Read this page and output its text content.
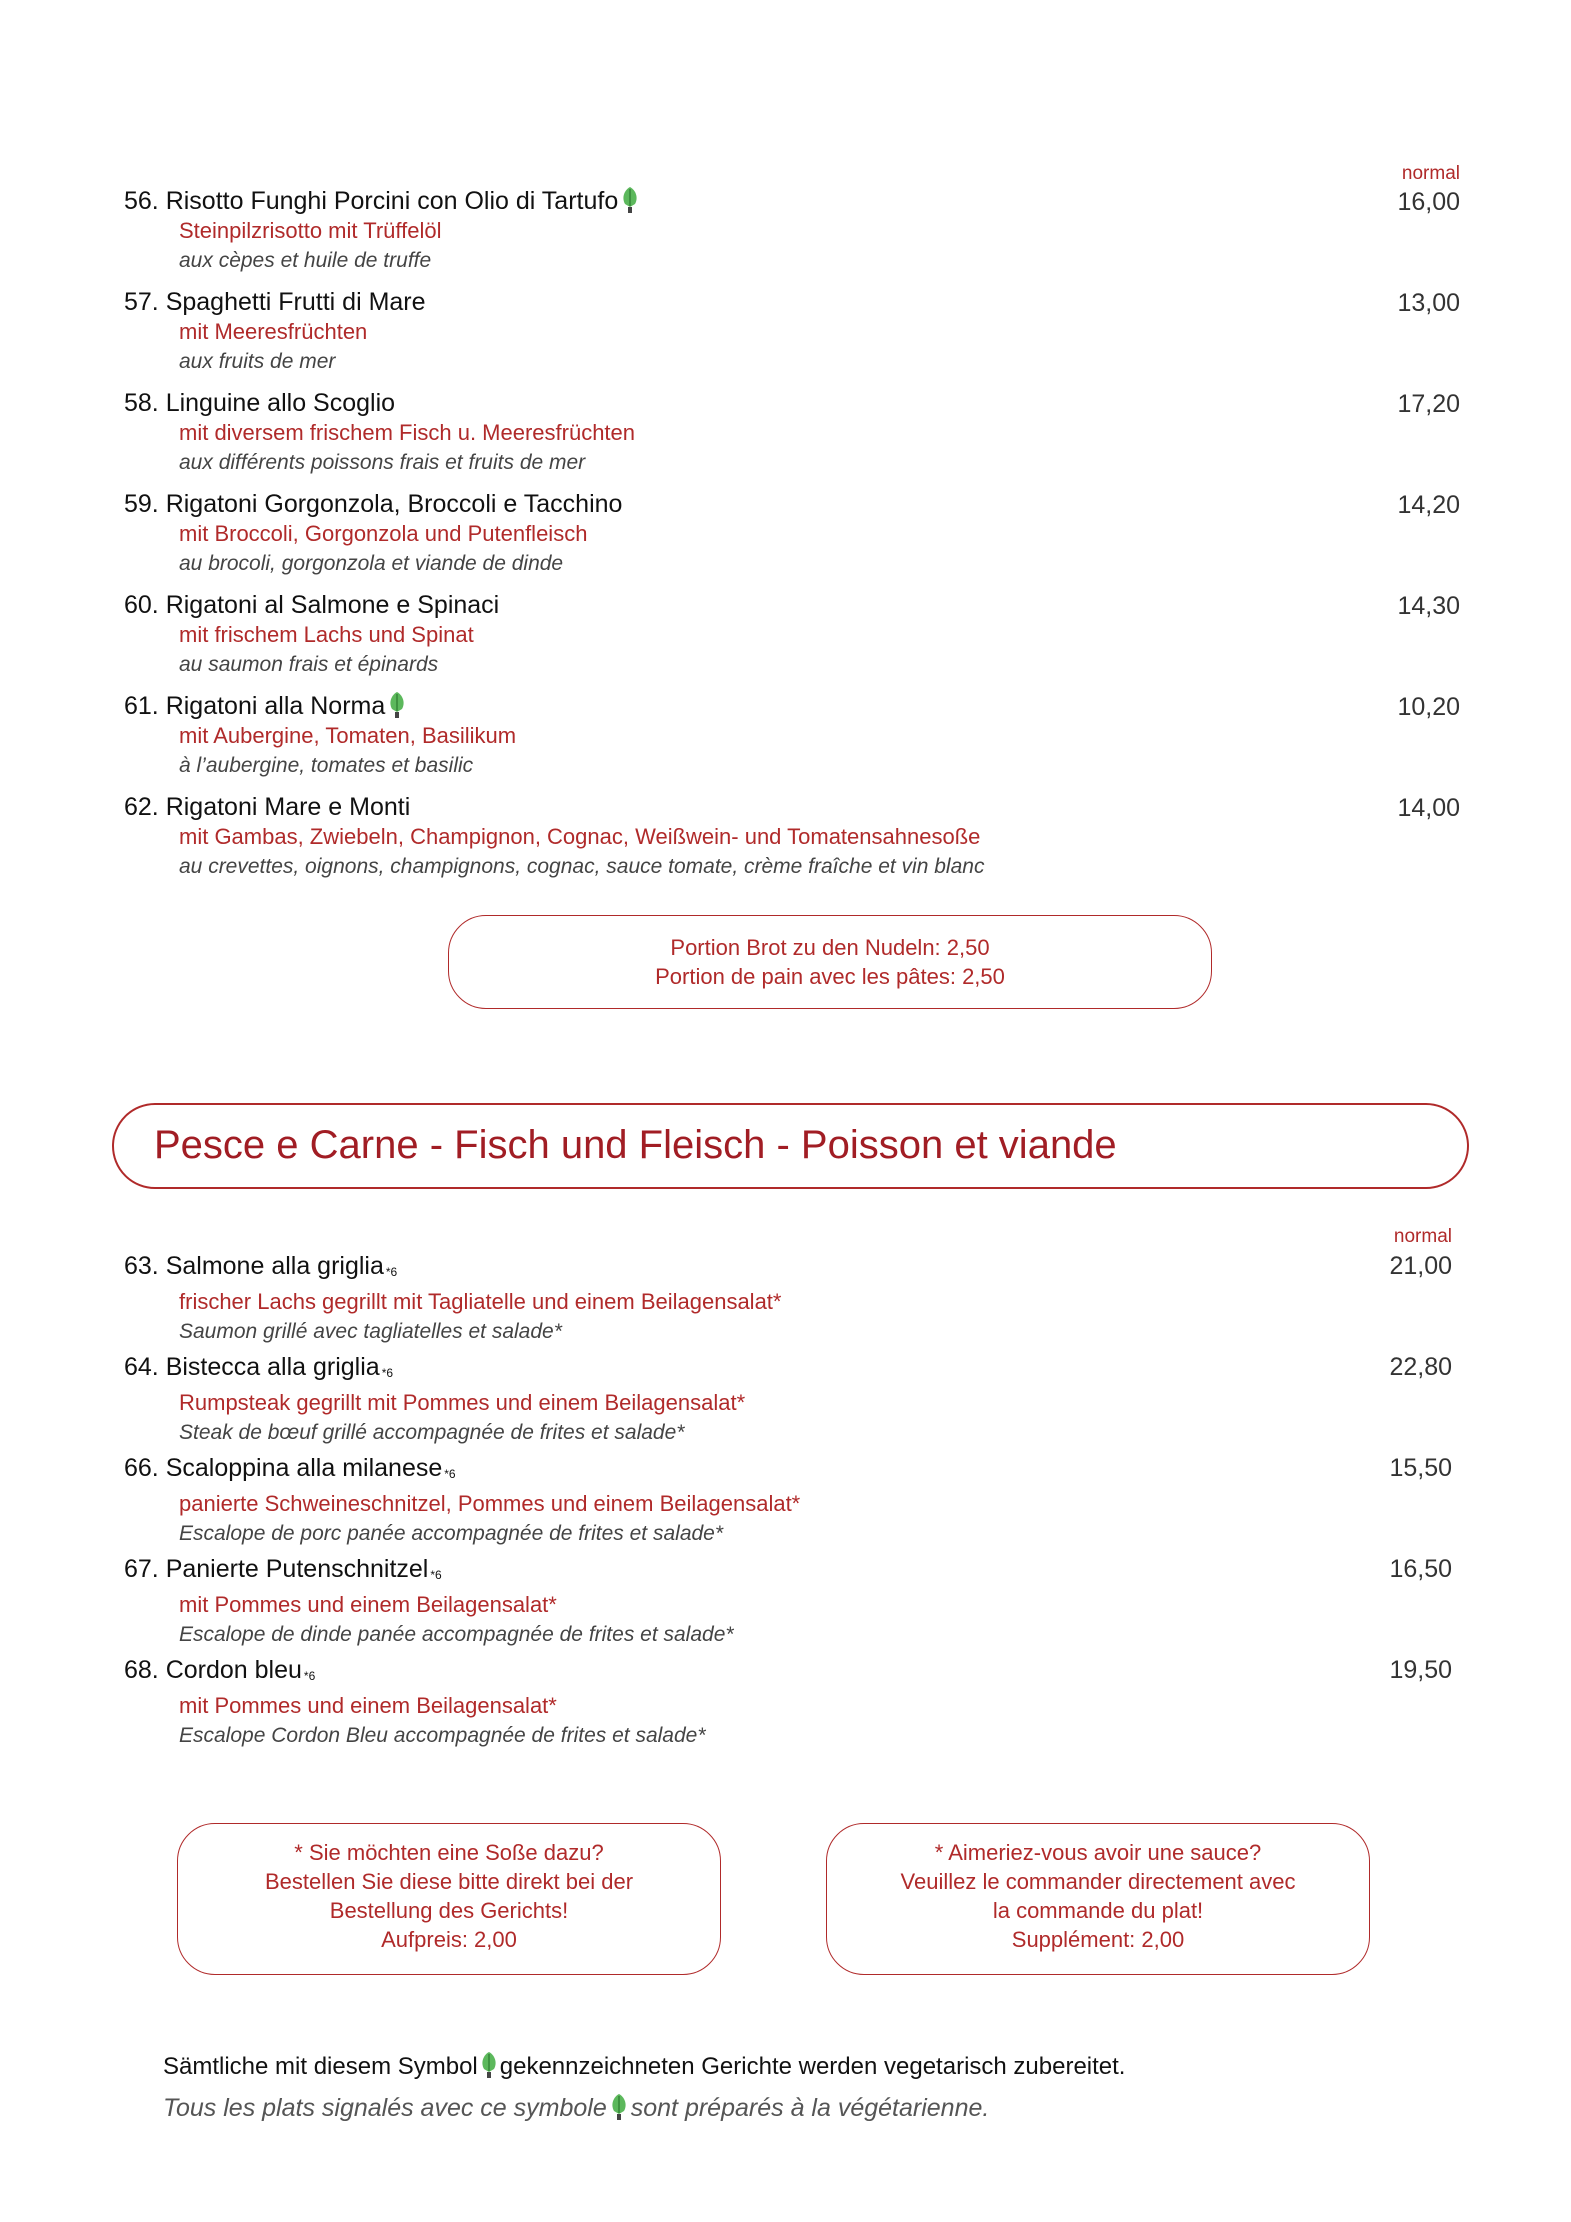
normal
56. Risotto Funghi Porcini con Olio di Tartufo
Steinpilzrisotto mit Trüffelöl
aux cèpes et huile de truffe
16,00
57. Spaghetti Frutti di Mare
mit Meeresfrüchten
aux fruits de mer
13,00
58. Linguine allo Scoglio
mit diversem frischem Fisch u. Meeresfrüchten
aux différents poissons frais et fruits de mer
17,20
59. Rigatoni Gorgonzola, Broccoli e Tacchino
mit Broccoli, Gorgonzola und Putenfleisch
au brocoli, gorgonzola et viande de dinde
14,20
60. Rigatoni al Salmone e Spinaci
mit frischem Lachs und Spinat
au saumon frais et épinards
14,30
61. Rigatoni alla Norma
mit Aubergine, Tomaten, Basilikum
à l’aubergine, tomates et basilic
10,20
62. Rigatoni Mare e Monti
mit Gambas, Zwiebeln, Champignon, Cognac, Weißwein- und Tomatensahnesoße
au crevettes, oignons, champignons, cognac, sauce tomate, crème fraîche et vin blanc
14,00
Portion Brot zu den Nudeln: 2,50
Portion de pain avec les pâtes: 2,50
Pesce e Carne - Fisch und Fleisch - Poisson et viande
normal
63. Salmone alla griglia *6
frischer Lachs gegrillt mit Tagliatelle und einem Beilagensalat*
Saumon grillé avec tagliatelles et salade*
21,00
64. Bistecca alla griglia *6
Rumpsteak gegrillt mit Pommes und einem Beilagensalat*
Steak de bœuf grillé accompagnée de frites et salade*
22,80
66. Scaloppina alla milanese *6
panierte Schweineschnitzel, Pommes und einem Beilagensalat*
Escalope de porc panée accompagnée de frites et salade*
15,50
67. Panierte Putenschnitzel *6
mit Pommes und einem Beilagensalat*
Escalope de dinde panée accompagnée de frites et salade*
16,50
68. Cordon bleu *6
mit Pommes und einem Beilagensalat*
Escalope Cordon Bleu accompagnée de frites et salade*
19,50
* Sie möchten eine Soße dazu?
Bestellen Sie diese bitte direkt bei der
Bestellung des Gerichts!
Aufpreis: 2,00
* Aimeriez-vous avoir une sauce?
Veuillez le commander directement avec
la commande du plat!
Supplément: 2,00
Sämtliche mit diesem Symbol gekennzeichneten Gerichte werden vegetarisch zubereitet.
Tous les plats signalés avec ce symbole sont préparés à la végétarienne.
